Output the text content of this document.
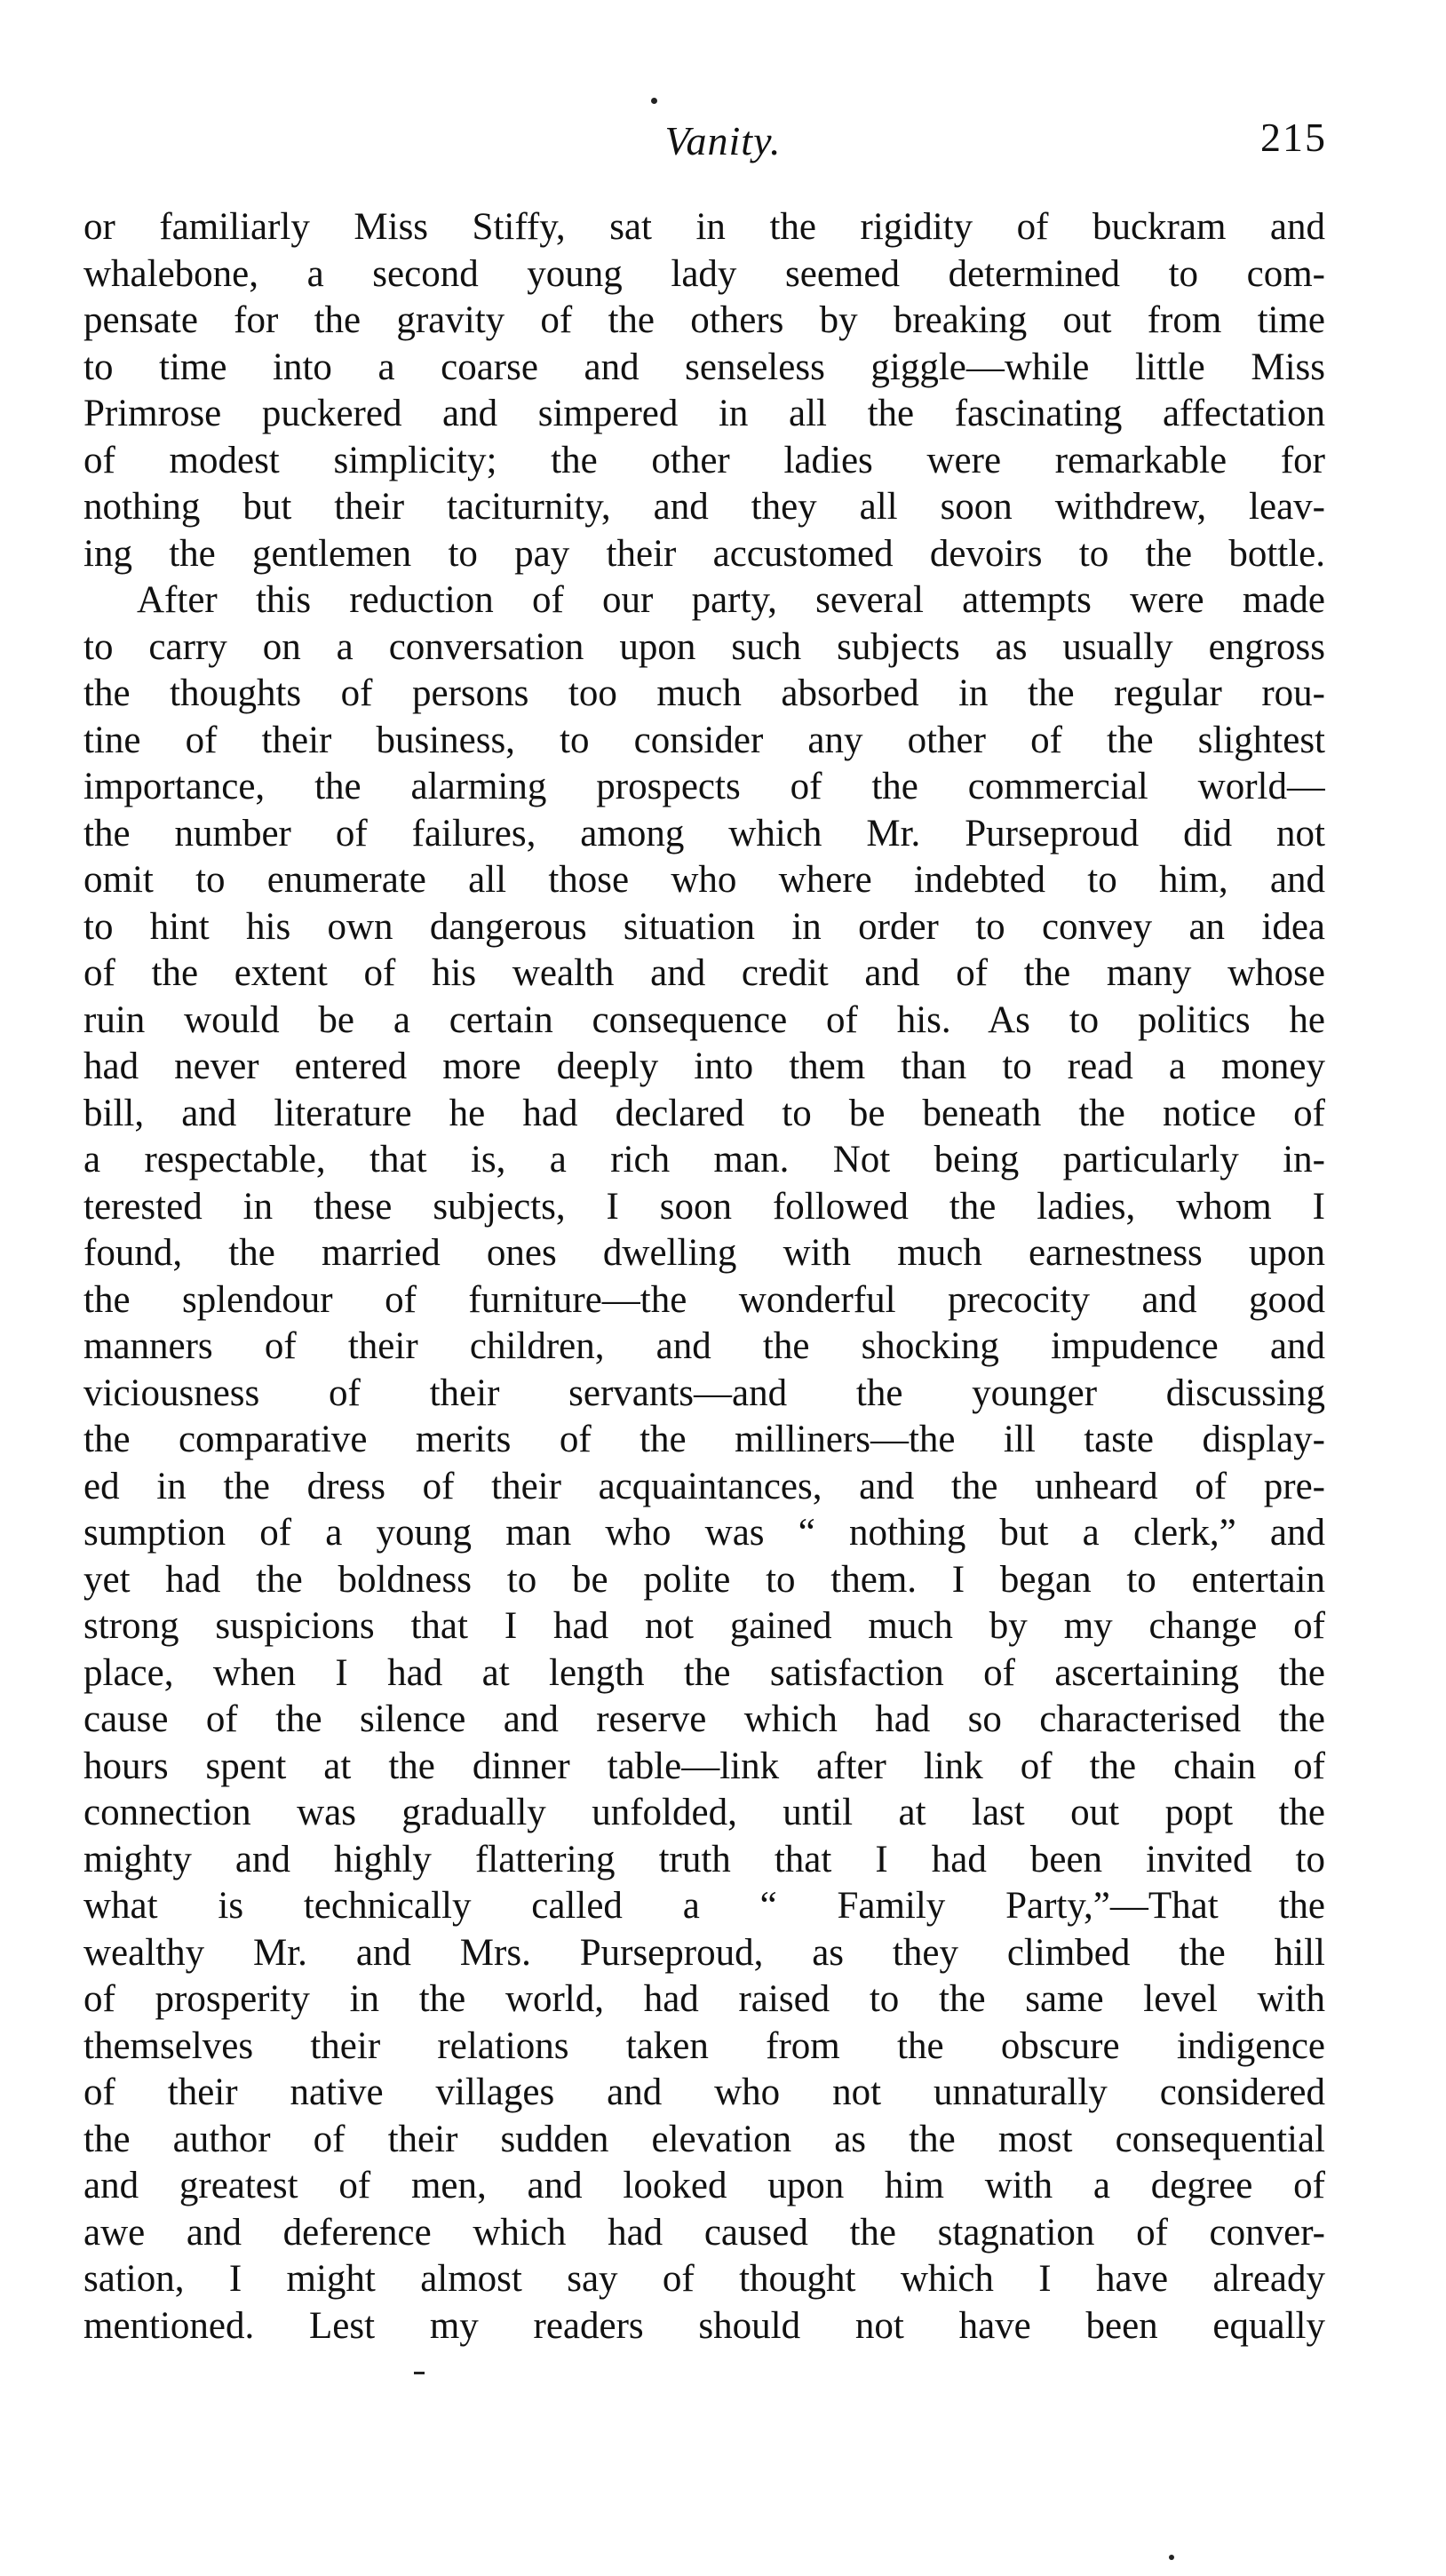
Vanity.	215
or familiarly Miss Stiffy, sat in the rigidity of buckram and
whalebone, a second young lady seemed determined to com-
pensate for the gravity of the others by breaking out from time
to time into a coarse and senseless giggle—while little Miss
Primrose puckered and simpered in all the fascinating affectation
of modest simplicity; the other ladies were remarkable for
nothing but their taciturnity, and they all soon withdrew, leav-
ing the gentlemen to pay their accustomed devoirs to the bottle.
After this reduction of our party, several attempts were made
to carry on a conversation upon such subjects as usually engross
the thoughts of persons too much absorbed in the regular rou-
tine of their business, to consider any other of the slightest
importance, the alarming prospects of the commercial world—
the number of failures, among which Mr. Purseproud did not
omit to enumerate all those who where indebted to him, and
to hint his own dangerous situation in order to convey an idea
of the extent of his wealth and credit and of the many whose
ruin would be a certain consequence of his. As to politics he
had never entered more deeply into them than to read a money
bill, and literature he had declared to be beneath the notice of
a respectable, that is, a rich man. Not being particularly in-
terested in these subjects, I soon followed the ladies, whom I
found, the married ones dwelling with much earnestness upon
the splendour of furniture—the wonderful precocity and good
manners of their children, and the shocking impudence and
viciousness of their servants—and the younger discussing
the comparative merits of the milliners—the ill taste display-
ed in the dress of their acquaintances, and the unheard of pre-
sumption of a young man who was “ nothing but a clerk,” and
yet had the boldness to be polite to them. I began to entertain
strong suspicions that I had not gained much by my change of
place, when I had at length the satisfaction of ascertaining the
cause of the silence and reserve which had so characterised the
hours spent at the dinner table—link after link of the chain of
connection was gradually unfolded, until at last out popt the
mighty and highly flattering truth that I had been invited to
what is technically called a “ Family Party,”—That the
wealthy Mr. and Mrs. Purseproud, as they climbed the hill
of prosperity in the world, had raised to the same level with
themselves their relations taken from the obscure indigence
of their native villages and who not unnaturally considered
the author of their sudden elevation as the most consequential
and greatest of men, and looked upon him with a degree of
awe and deference which had caused the stagnation of conver-
sation, I might almost say of thought which I have already
mentioned. Lest my readers should not have been equally
